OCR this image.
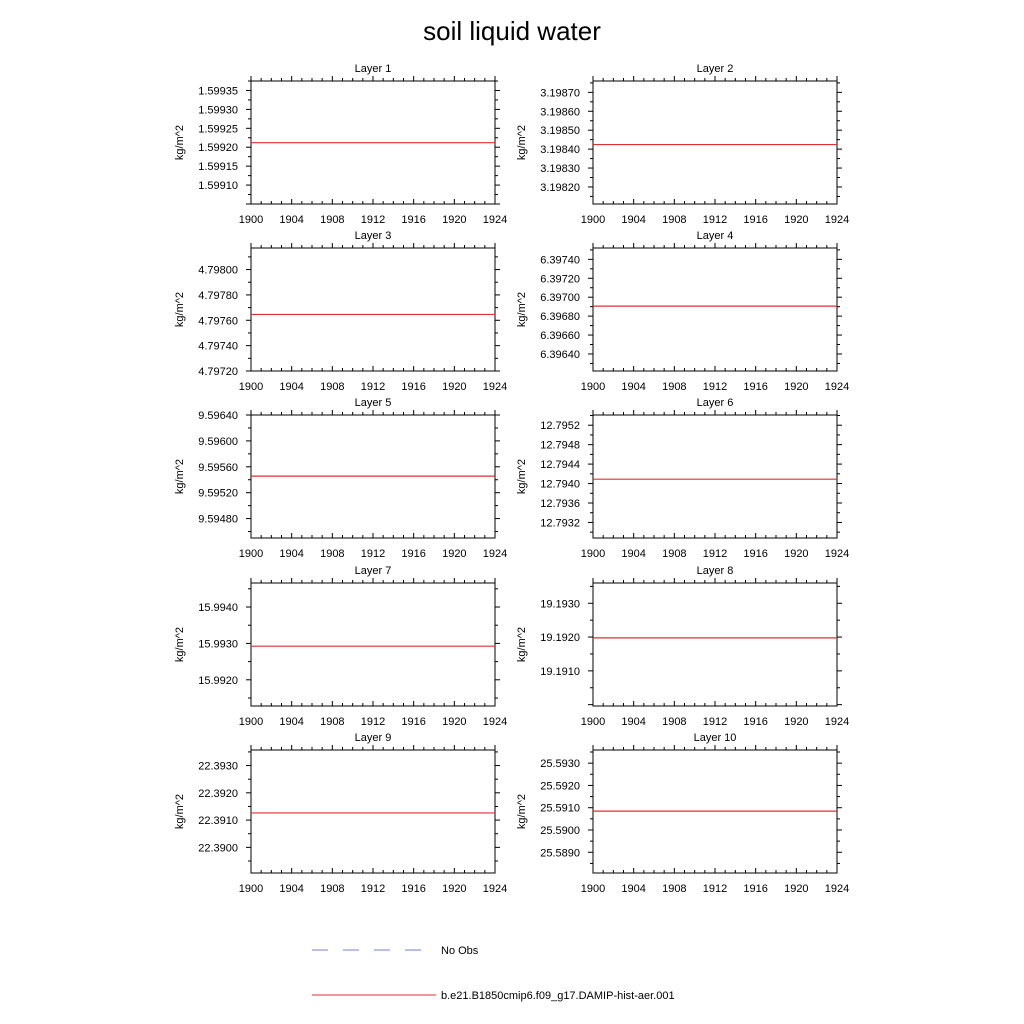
soil liquid water
Layer 1
1900 1904 1908 1912 1916 1920 1924
1.59935
1.59930
1.59925
1.59920
1.59915
1.59910
kg/m^2
Layer 2
1900 1904 1908 1912 1916 1920 1924
3.19870
3.19860
3.19850
3.19840
3.19830
3.19820
kg/m^2
Layer 3
1900 1904 1908 1912 1916 1920 1924
4.79800
4.79780
4.79760
4.79740
4.79720
kg/m^2
Layer 4
1900 1904 1908 1912 1916 1920 1924
6.39740
6.39720
6.39700
6.39680
6.39660
6.39640
kg/m^2
Layer 5
1900 1904 1908 1912 1916 1920 1924
9.59640
9.59600
9.59560
9.59520
9.59480
kg/m^2
Layer 6
1900 1904 1908 1912 1916 1920 1924
12.7952
12.7948
12.7944
12.7940
12.7936
12.7932
kg/m^2
Layer 7
1900 1904 1908 1912 1916 1920 1924
15.9940
15.9930
15.9920
kg/m^2
Layer 8
1900 1904 1908 1912 1916 1920 1924
19.1930
19.1920
19.1910
kg/m^2
Layer 9
1900 1904 1908 1912 1916 1920 1924
22.3930
22.3920
22.3910
22.3900
kg/m^2
Layer 10
1900 1904 1908 1912 1916 1920 1924
25.5930
25.5920
25.5910
25.5900
25.5890
kg/m^2
No Obs
b.e21.B1850cmip6.f09_g17.DAMIP-hist-aer.001
